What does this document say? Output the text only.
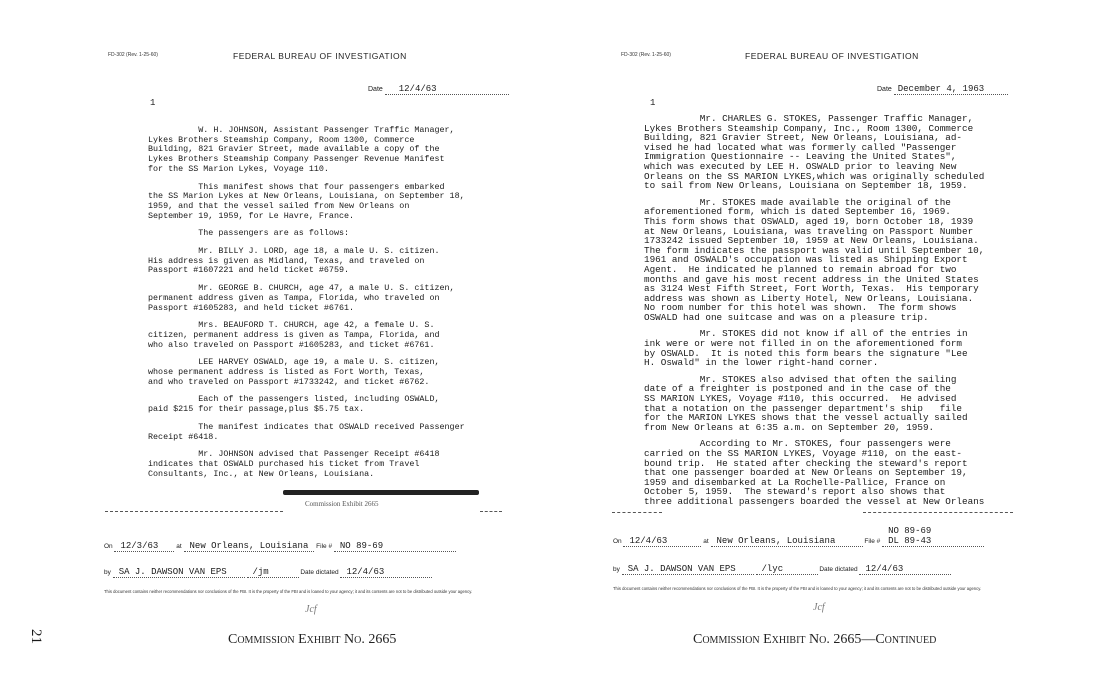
FD-302 (Rev. 1-25-60)	FEDERAL BUREAU OF INVESTIGATION
Date 12/4/63
1
W. H. JOHNSON, Assistant Passenger Traffic Manager,
Lykes Brothers Steamship Company, Room 1300, Commerce
Building, 821 Gravier Street, made available a copy of the
Lykes Brothers Steamship Company Passenger Revenue Manifest
for the SS Marion Lykes, Voyage 110.
This manifest shows that four passengers embarked
the SS Marion Lykes at New Orleans, Louisiana, on September 18,
1959, and that the vessel sailed from New Orleans on
September 19, 1959, for Le Havre, France.
The passengers are as follows:
Mr. BILLY J. LORD, age 18, a male U. S. citizen.
His address is given as Midland, Texas, and traveled on
Passport #1607221 and held ticket #6759.
Mr. GEORGE B. CHURCH, age 47, a male U. S. citizen,
permanent address given as Tampa, Florida, who traveled on
Passport #1605283, and held ticket #6761.
Mrs. BEAUFORD T. CHURCH, age 42, a female U. S.
citizen, permanent address is given as Tampa, Florida, and
who also traveled on Passport #1605283, and ticket #6761.
LEE HARVEY OSWALD, age 19, a male U. S. citizen,
whose permanent address is listed as Fort Worth, Texas,
and who traveled on Passport #1733242, and ticket #6762.
Each of the passengers listed, including OSWALD,
paid $215 for their passage,plus $5.75 tax.
The manifest indicates that OSWALD received Passenger
Receipt #6418.
Mr. JOHNSON advised that Passenger Receipt #6418
indicates that OSWALD purchased his ticket from Travel
Consultants, Inc., at New Orleans, Louisiana.
Commission Exhibit 2665
On 12/3/63	at New Orleans, Louisiana File # NO 89-69
by SA J. DAWSON VAN EPS	/jm	Date dictated 12/4/63
This document contains neither recommendations nor conclusions of the FBI. It is the property of the FBI and is loaned to your agency; it and its contents are not to be distributed outside your agency.
Jcf
Commission Exhibit No. 2665
21
FD-302 (Rev. 1-25-60)	FEDERAL BUREAU OF INVESTIGATION
Date December 4, 1963
1
Mr. CHARLES G. STOKES, Passenger Traffic Manager,
Lykes Brothers Steamship Company, Inc., Room 1300, Commerce
Building, 821 Gravier Street, New Orleans, Louisiana, ad-
vised he had located what was formerly called "Passenger
Immigration Questionnaire -- Leaving the United States",
which was executed by LEE H. OSWALD prior to leaving New
Orleans on the SS MARION LYKES,which was originally scheduled
to sail from New Orleans, Louisiana on September 18, 1959.
Mr. STOKES made available the original of the
aforementioned form, which is dated September 16, 1969.
This form shows that OSWALD, aged 19, born October 18, 1939
at New Orleans, Louisiana, was traveling on Passport Number
1733242 issued September 10, 1959 at New Orleans, Louisiana.
The form indicates the passport was valid until September 10,
1961 and OSWALD's occupation was listed as Shipping Export
Agent.  He indicated he planned to remain abroad for two
months and gave his most recent address in the United States
as 3124 West Fifth Street, Fort Worth, Texas.  His temporary
address was shown as Liberty Hotel, New Orleans, Louisiana.
No room number for this hotel was shown.  The form shows
OSWALD had one suitcase and was on a pleasure trip.
Mr. STOKES did not know if all of the entries in
ink were or were not filled in on the aforementioned form
by OSWALD.  It is noted this form bears the signature "Lee
H. Oswald" in the lower right-hand corner.
Mr. STOKES also advised that often the sailing
date of a freighter is postponed and in the case of the
SS MARION LYKES, Voyage #110, this occurred.  He advised
that a notation on the passenger department's ship   file
for the MARION LYKES shows that the vessel actually sailed
from New Orleans at 6:35 a.m. on September 20, 1959.
According to Mr. STOKES, four passengers were
carried on the SS MARION LYKES, Voyage #110, on the east-
bound trip.  He stated after checking the steward's report
that one passenger boarded at New Orleans on September 19,
1959 and disembarked at La Rochelle-Pallice, France on
October 5, 1959.  The steward's report also shows that
three additional passengers boarded the vessel at New Orleans
On 12/4/63	at New Orleans, Louisiana	File #
NO 89-69
DL 89-43
by SA J. DAWSON VAN EPS	/lyc	Date dictated 12/4/63
This document contains neither recommendations nor conclusions of the FBI. It is the property of the FBI and is loaned to your agency; it and its contents are not to be distributed outside your agency.
Jcf
Commission Exhibit No. 2665—Continued
